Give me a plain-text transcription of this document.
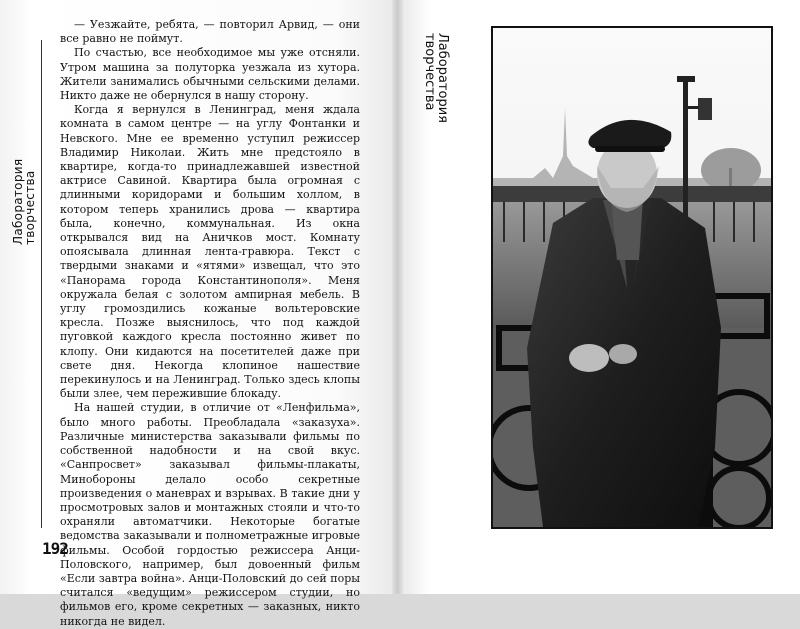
Лаборатория
творчества

— Уезжайте, ребята, — повторил Арвид, — они все равно не поймут.

По счастью, все необходимое мы уже отсняли. Утром машина за полуторка уезжала из хутора. Жители занимались обычными сельскими делами. Никто даже не обернулся в нашу сторону.

Когда я вернулся в Ленинград, меня ждала комната в самом центре — на углу Фонтанки и Невского. Мне ее временно уступил режиссер Владимир Николаи. Жить мне предстояло в квартире, когда-то принадлежавшей известной актрисе Савиной. Квартира была огромная с длинными коридорами и большим холлом, в котором теперь хранились дрова — квартира была, конечно, коммунальная. Из окна открывался вид на Аничков мост. Комнату опоясывала длинная лента-гравюра. Текст с твердыми знаками и «ятями» извещал, что это «Панорама города Константинополя». Меня окружала белая с золотом ампирная мебель. В углу громоздились кожаные вольтеровские кресла. Позже выяснилось, что под каждой пуговкой каждого кресла постоянно живет по клопу. Они кидаются на посетителей даже при свете дня. Некогда клопиное нашествие перекинулось и на Ленинград. Только здесь клопы были злее, чем пережившие блокаду.

На нашей студии, в отличие от «Ленфильма», было много работы. Преобладала «заказуха». Различные министерства заказывали фильмы по собственной надобности и на свой вкус. «Санпросвет» заказывал фильмы-плакаты, Минобороны делало особо секретные произведения о маневрах и взрывах. В такие дни у просмотровых залов и монтажных стояли и что-то охраняли автоматчики. Некоторые богатые ведомства заказывали и полнометражные игровые фильмы. Особой гордостью режиссера Анци-Половского, например, был довоенный фильм «Если завтра война». Анци-Половский до сей поры считался «ведущим» режиссером студии, но фильмов его, кроме секретных — заказных, никто никогда не видел.

192
Лаборатория
творчества
